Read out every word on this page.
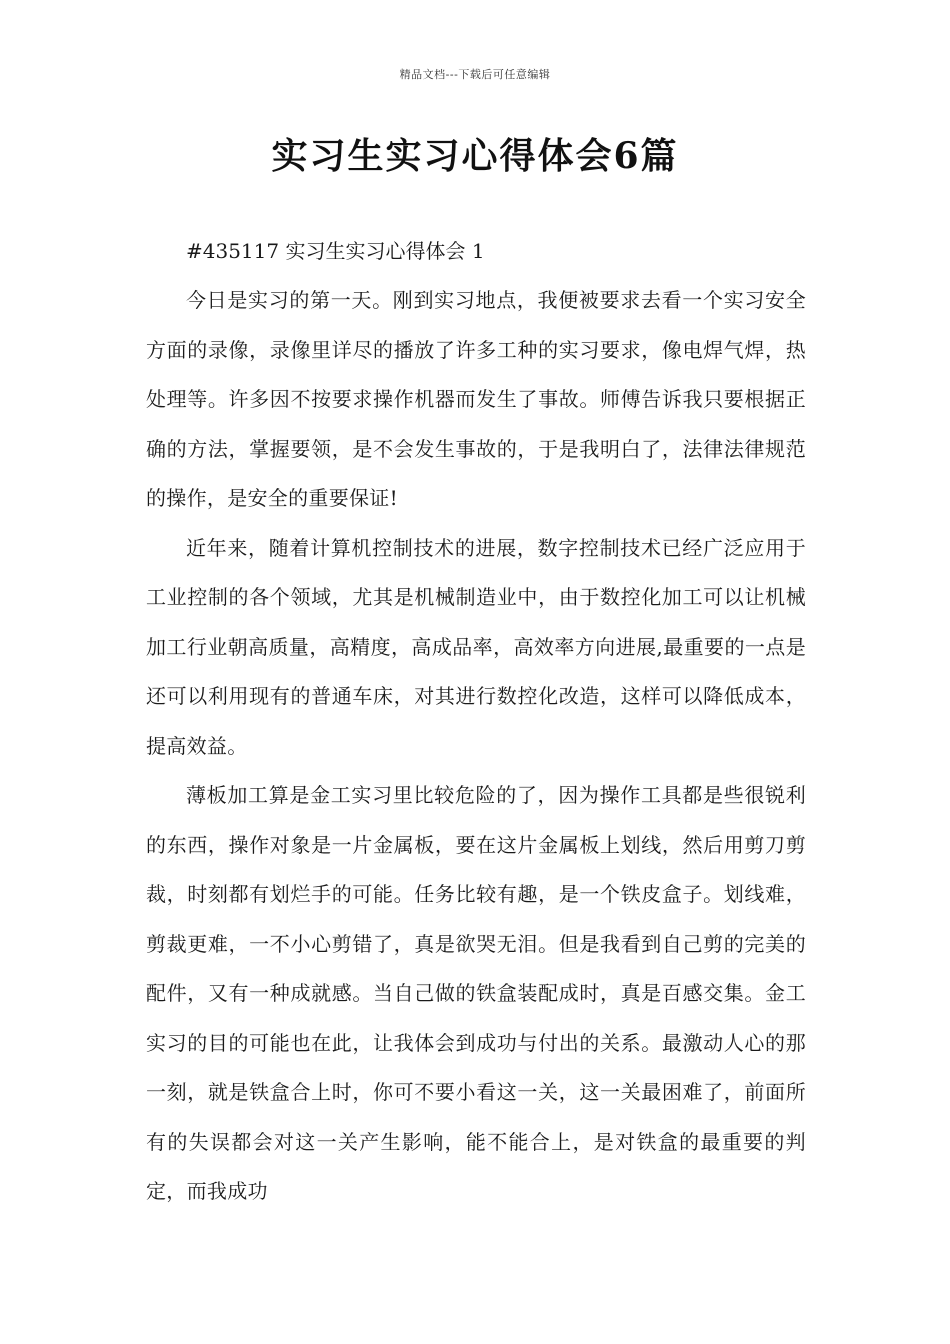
精品文档---下载后可任意编辑
实习生实习心得体会6篇

#435117 实习生实习心得体会 1

今日是实习的第一天。刚到实习地点，我便被要求去看一个实习安全方面的录像，录像里详尽的播放了许多工种的实习要求，像电焊气焊，热处理等。许多因不按要求操作机器而发生了事故。师傅告诉我只要根据正确的方法，掌握要领，是不会发生事故的，于是我明白了，法律法律规范的操作，是安全的重要保证!

近年来，随着计算机控制技术的进展，数字控制技术已经广泛应用于工业控制的各个领域，尤其是机械制造业中，由于数控化加工可以让机械加工行业朝高质量，高精度，高成品率，高效率方向进展,最重要的一点是还可以利用现有的普通车床，对其进行数控化改造，这样可以降低成本，提高效益。

薄板加工算是金工实习里比较危险的了，因为操作工具都是些很锐利的东西，操作对象是一片金属板，要在这片金属板上划线，然后用剪刀剪裁，时刻都有划烂手的可能。任务比较有趣，是一个铁皮盒子。划线难，剪裁更难，一不小心剪错了，真是欲哭无泪。但是我看到自己剪的完美的配件，又有一种成就感。当自己做的铁盒装配成时，真是百感交集。金工实习的目的可能也在此，让我体会到成功与付出的关系。最激动人心的那一刻，就是铁盒合上时，你可不要小看这一关，这一关最困难了，前面所有的失误都会对这一关产生影响，能不能合上，是对铁盒的最重要的判定，而我成功
